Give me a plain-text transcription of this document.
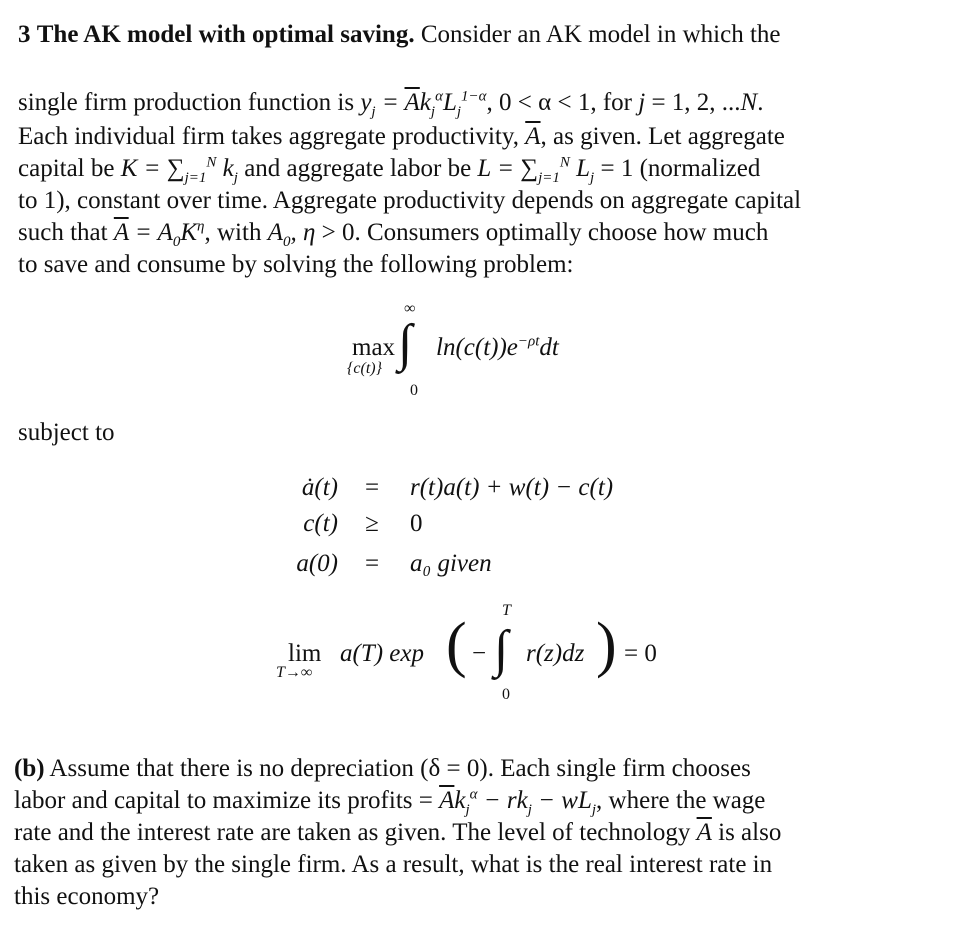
3 The AK model with optimal saving. Consider an AK model in which the
single firm production function is $y_j = \overline{A}k_j^\alpha L_j^{1-\alpha}$, 0 < α < 1, for j = 1, 2, ...N.
Each individual firm takes aggregate productivity, $\overline{A}$, as given. Let aggregate
capital be $K = \sum_{j=1}^N$ $k_j$ and aggregate labor be $L = \sum_{j=1}^N$ $L_j = 1$ (normalized
to 1), constant over time. Aggregate productivity depends on aggregate capital
such that $\overline{A} = A_0K^\eta$, with $A_0$, η > 0. Consumers optimally choose how much
to save and consume by solving the following problem:
max
{c(t)}
∞
∫
0
$\ln(c(t))e^{-\rho t}dt$
subject to
ȧ(t)	=	r(t)a(t) + w(t) − c(t)
c(t)	≥	0
a(0)	=	a₀ given
lim
T→∞
a(T) exp ( −
T
∫
0
r(z)dz ) = 0
(b) Assume that there is no depreciation (δ = 0). Each single firm chooses
labor and capital to maximize its profits = $\overline{A}k_j^\alpha - rk_j - wL_j$, where the wage
rate and the interest rate are taken as given. The level of technology $\overline{A}$ is also
taken as given by the single firm. As a result, what is the real interest rate in
this economy?
